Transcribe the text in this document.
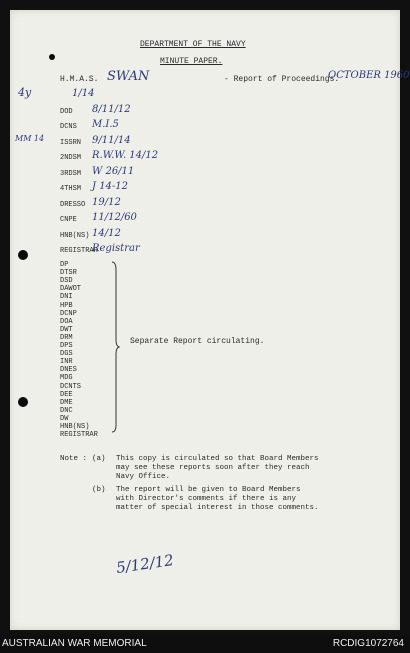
DEPARTMENT OF THE NAVY
MINUTE PAPER.
H.M.A.S. SWAN	- Report of Proceedings.
OCTOBER 1960
4y
MM 14
1/14
DOD 8/11/12
DCNS M.I.5
ISSRN 9/11/14
2NDSM R.W.W. 14/12
3RDSM W 26/11
4THSM J 14-12
DRESSO 19/12
CNPE 11/12/60
HNB(NS) 14/12
REGISTRAR
Registrar
DP
DTSR
DSD
DAWOT
DNI
HPB
DCNP
DOA
DWT
DRM
DPS
DGS
INR
DNES
MDG
DCNTS
DEE
DME
DNC
DW
HNB(NS)
REGISTRAR
Separate Report circulating.
Note : (a) This copy is circulated so that Board Members
may see these reports soon after they reach
Navy Office.
(b) The report will be given to Board Members
with Director's comments if there is any
matter of special interest in those comments.
5/12/12
AUSTRALIAN WAR MEMORIAL	RCDIG1072764
